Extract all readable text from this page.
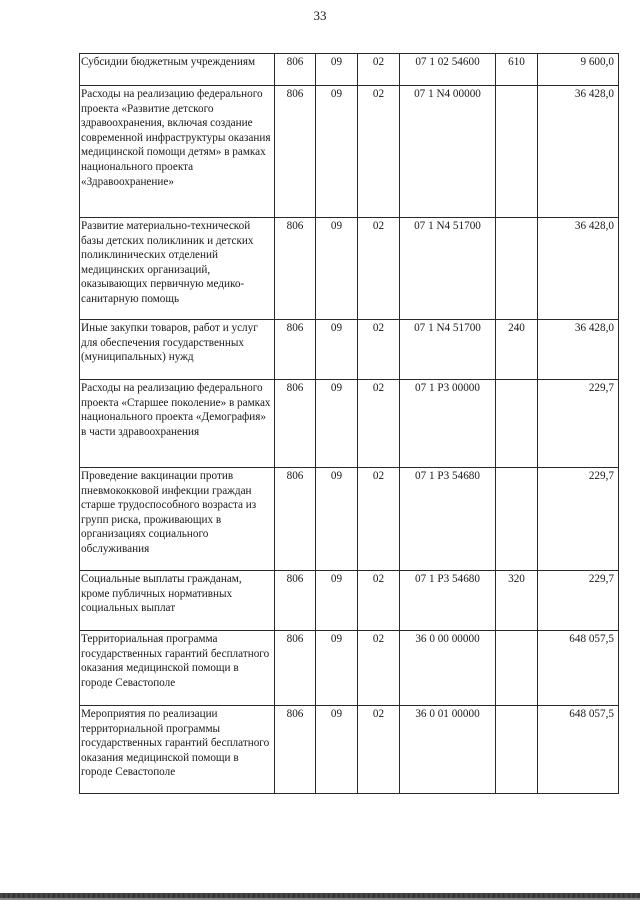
33
Субсидии бюджетным учреждениям	806	09	02	07 1 02 54600	610	9 600,0
Расходы на реализацию федерального проекта «Развитие детского здравоохранения, включая создание современной инфраструктуры оказания медицинской помощи детям» в рамках национального проекта «Здравоохранение»	806	09	02	07 1 N4 00000		36 428,0
Развитие материально-технической базы детских поликлиник и детских поликлинических отделений медицинских организаций, оказывающих первичную медико-санитарную помощь	806	09	02	07 1 N4 51700		36 428,0
Иные закупки товаров, работ и услуг для обеспечения государственных (муниципальных) нужд	806	09	02	07 1 N4 51700	240	36 428,0
Расходы на реализацию федерального проекта «Старшее поколение» в рамках национального проекта «Демография» в части здравоохранения	806	09	02	07 1 P3 00000		229,7
Проведение вакцинации против пневмококковой инфекции граждан старше трудоспособного возраста из групп риска, проживающих в организациях социального обслуживания	806	09	02	07 1 P3 54680		229,7
Социальные выплаты гражданам, кроме публичных нормативных социальных выплат	806	09	02	07 1 P3 54680	320	229,7
Территориальная программа государственных гарантий бесплатного оказания медицинской помощи в городе Севастополе	806	09	02	36 0 00 00000		648 057,5
Мероприятия по реализации территориальной программы государственных гарантий бесплатного оказания медицинской помощи в городе Севастополе	806	09	02	36 0 01 00000		648 057,5
